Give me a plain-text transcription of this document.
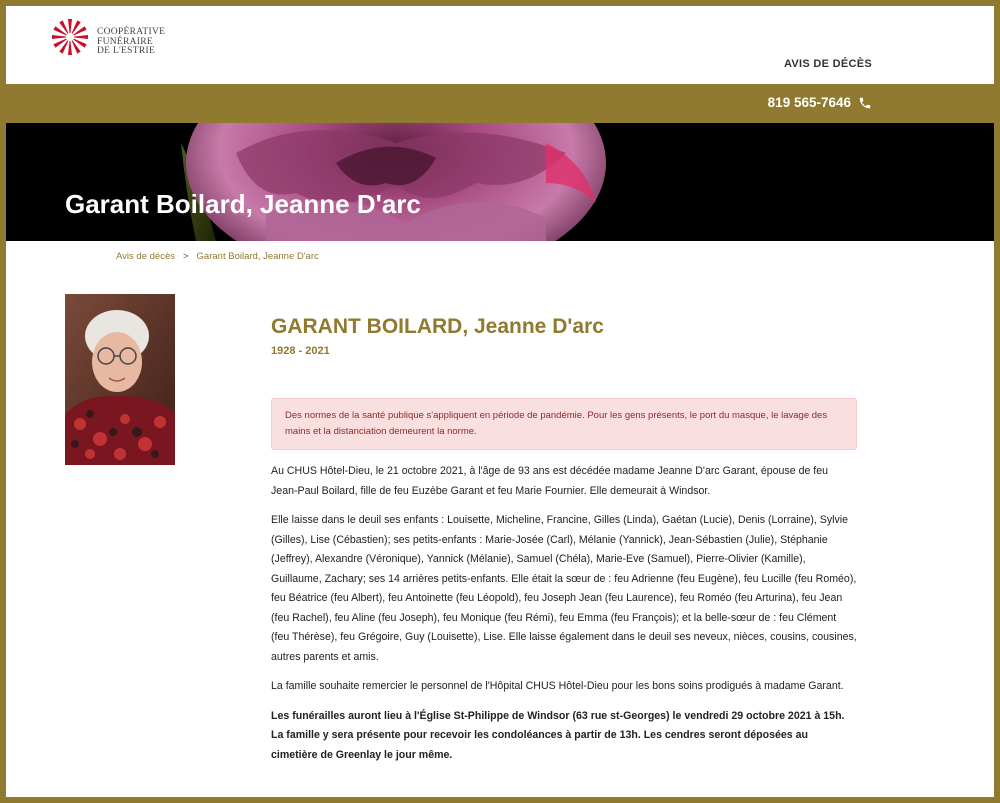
COOPÉRATIVE
FUNÉRAIRE
DE L'ESTRIE
AVIS DE DÉCÈS
819 565-7646
Garant Boilard, Jeanne D'arc
Avis de décès > Garant Boilard, Jeanne D'arc
GARANT BOILARD, Jeanne D'arc
1928 - 2021
Des normes de la santé publique s'appliquent en période de pandémie. Pour les gens présents, le port du masque, le lavage des mains et la distanciation demeurent la norme.

Au CHUS Hôtel-Dieu, le 21 octobre 2021, à l'âge de 93 ans est décédée madame Jeanne D'arc Garant, épouse de feu Jean-Paul Boilard, fille de feu Euzèbe Garant et feu Marie Fournier. Elle demeurait à Windsor.

Elle laisse dans le deuil ses enfants : Louisette, Micheline, Francine, Gilles (Linda), Gaétan (Lucie), Denis (Lorraine), Sylvie (Gilles), Lise (Cébastien); ses petits-enfants : Marie-Josée (Carl), Mélanie (Yannick), Jean-Sébastien (Julie), Stéphanie (Jeffrey), Alexandre (Véronique), Yannick (Mélanie), Samuel (Chéla), Marie-Eve (Samuel), Pierre-Olivier (Kamille), Guillaume, Zachary; ses 14 arrières petits-enfants. Elle était la sœur de : feu Adrienne (feu Eugène), feu Lucille (feu Roméo), feu Béatrice (feu Albert), feu Antoinette (feu Léopold), feu Joseph Jean (feu Laurence), feu Roméo (feu Arturina), feu Jean (feu Rachel), feu Aline (feu Joseph), feu Monique (feu Rémi), feu Emma (feu François); et la belle-sœur de : feu Clément (feu Thérèse), feu Grégoire, Guy (Louisette), Lise. Elle laisse également dans le deuil ses neveux, nièces, cousins, cousines, autres parents et amis.

La famille souhaite remercier le personnel de l'Hôpital CHUS Hôtel-Dieu pour les bons soins prodigués à madame Garant.

Les funérailles auront lieu à l'Église St-Philippe de Windsor (63 rue st-Georges) le vendredi 29 octobre 2021 à 15h. La famille y sera présente pour recevoir les condoléances à partir de 13h. Les cendres seront déposées au cimetière de Greenlay le jour même.
